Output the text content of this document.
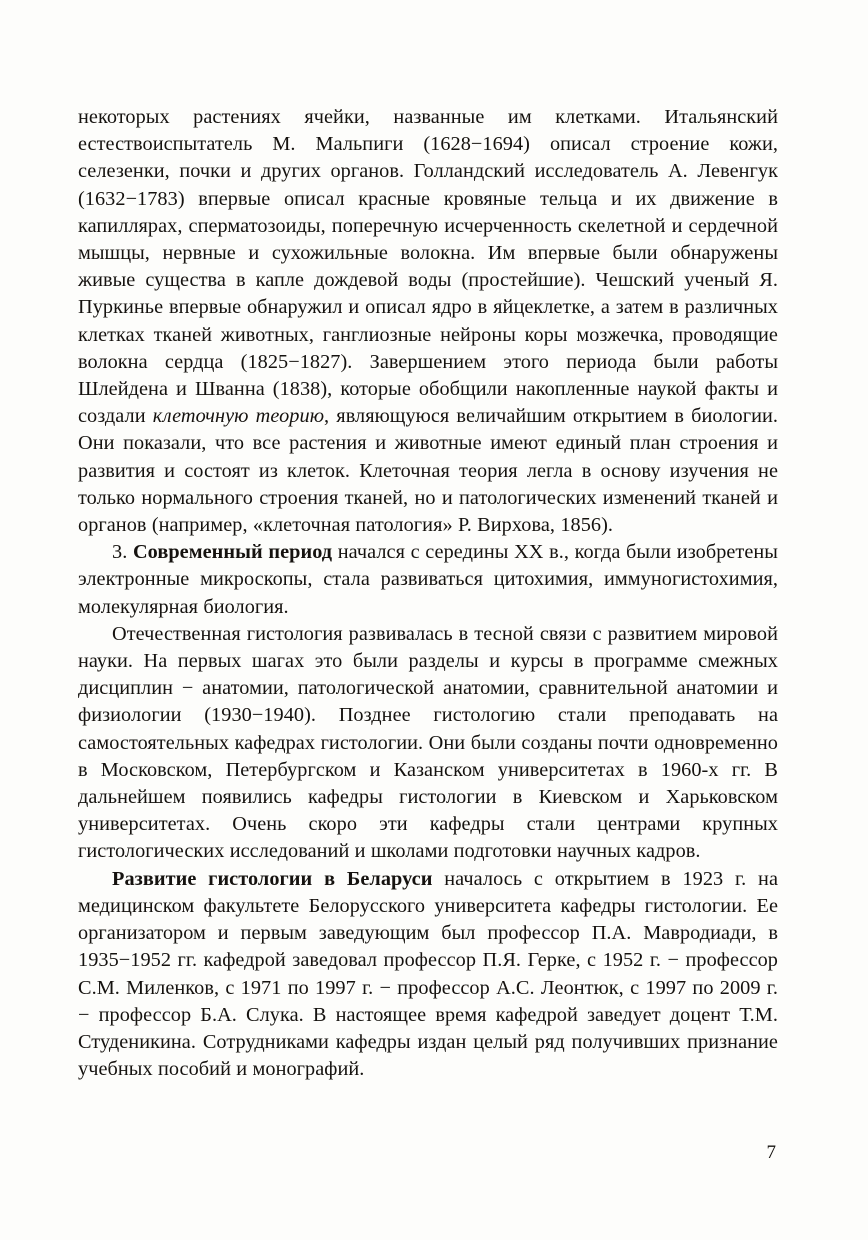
некоторых растениях ячейки, названные им клетками. Итальянский естествоиспытатель М. Мальпиги (1628−1694) описал строение кожи, селезенки, почки и других органов. Голландский исследователь А. Левенгук (1632−1783) впервые описал красные кровяные тельца и их движение в капиллярах, сперматозоиды, поперечную исчерченность скелетной и сердечной мышцы, нервные и сухожильные волокна. Им впервые были обнаружены живые существа в капле дождевой воды (простейшие). Чешский ученый Я. Пуркинье впервые обнаружил и описал ядро в яйцеклетке, а затем в различных клетках тканей животных, ганглиозные нейроны коры мозжечка, проводящие волокна сердца (1825−1827). Завершением этого периода были работы Шлейдена и Шванна (1838), которые обобщили накопленные наукой факты и создали клеточную теорию, являющуюся величайшим открытием в биологии. Они показали, что все растения и животные имеют единый план строения и развития и состоят из клеток. Клеточная теория легла в основу изучения не только нормального строения тканей, но и патологических изменений тканей и органов (например, «клеточная патология» Р. Вирхова, 1856).

3. Современный период начался с середины XX в., когда были изобретены электронные микроскопы, стала развиваться цитохимия, иммуногистохимия, молекулярная биология.

Отечественная гистология развивалась в тесной связи с развитием мировой науки. На первых шагах это были разделы и курсы в программе смежных дисциплин − анатомии, патологической анатомии, сравнительной анатомии и физиологии (1930−1940). Позднее гистологию стали преподавать на самостоятельных кафедрах гистологии. Они были созданы почти одновременно в Московском, Петербургском и Казанском университетах в 1960-х гг. В дальнейшем появились кафедры гистологии в Киевском и Харьковском университетах. Очень скоро эти кафедры стали центрами крупных гистологических исследований и школами подготовки научных кадров.

Развитие гистологии в Беларуси началось с открытием в 1923 г. на медицинском факультете Белорусского университета кафедры гистологии. Ее организатором и первым заведующим был профессор П.А. Мавродиади, в 1935−1952 гг. кафедрой заведовал профессор П.Я. Герке, с 1952 г. − профессор С.М. Миленков, с 1971 по 1997 г. − профессор А.С. Леонтюк, с 1997 по 2009 г. − профессор Б.А. Слука. В настоящее время кафедрой заведует доцент Т.М. Студеникина. Сотрудниками кафедры издан целый ряд получивших признание учебных пособий и монографий.

7
